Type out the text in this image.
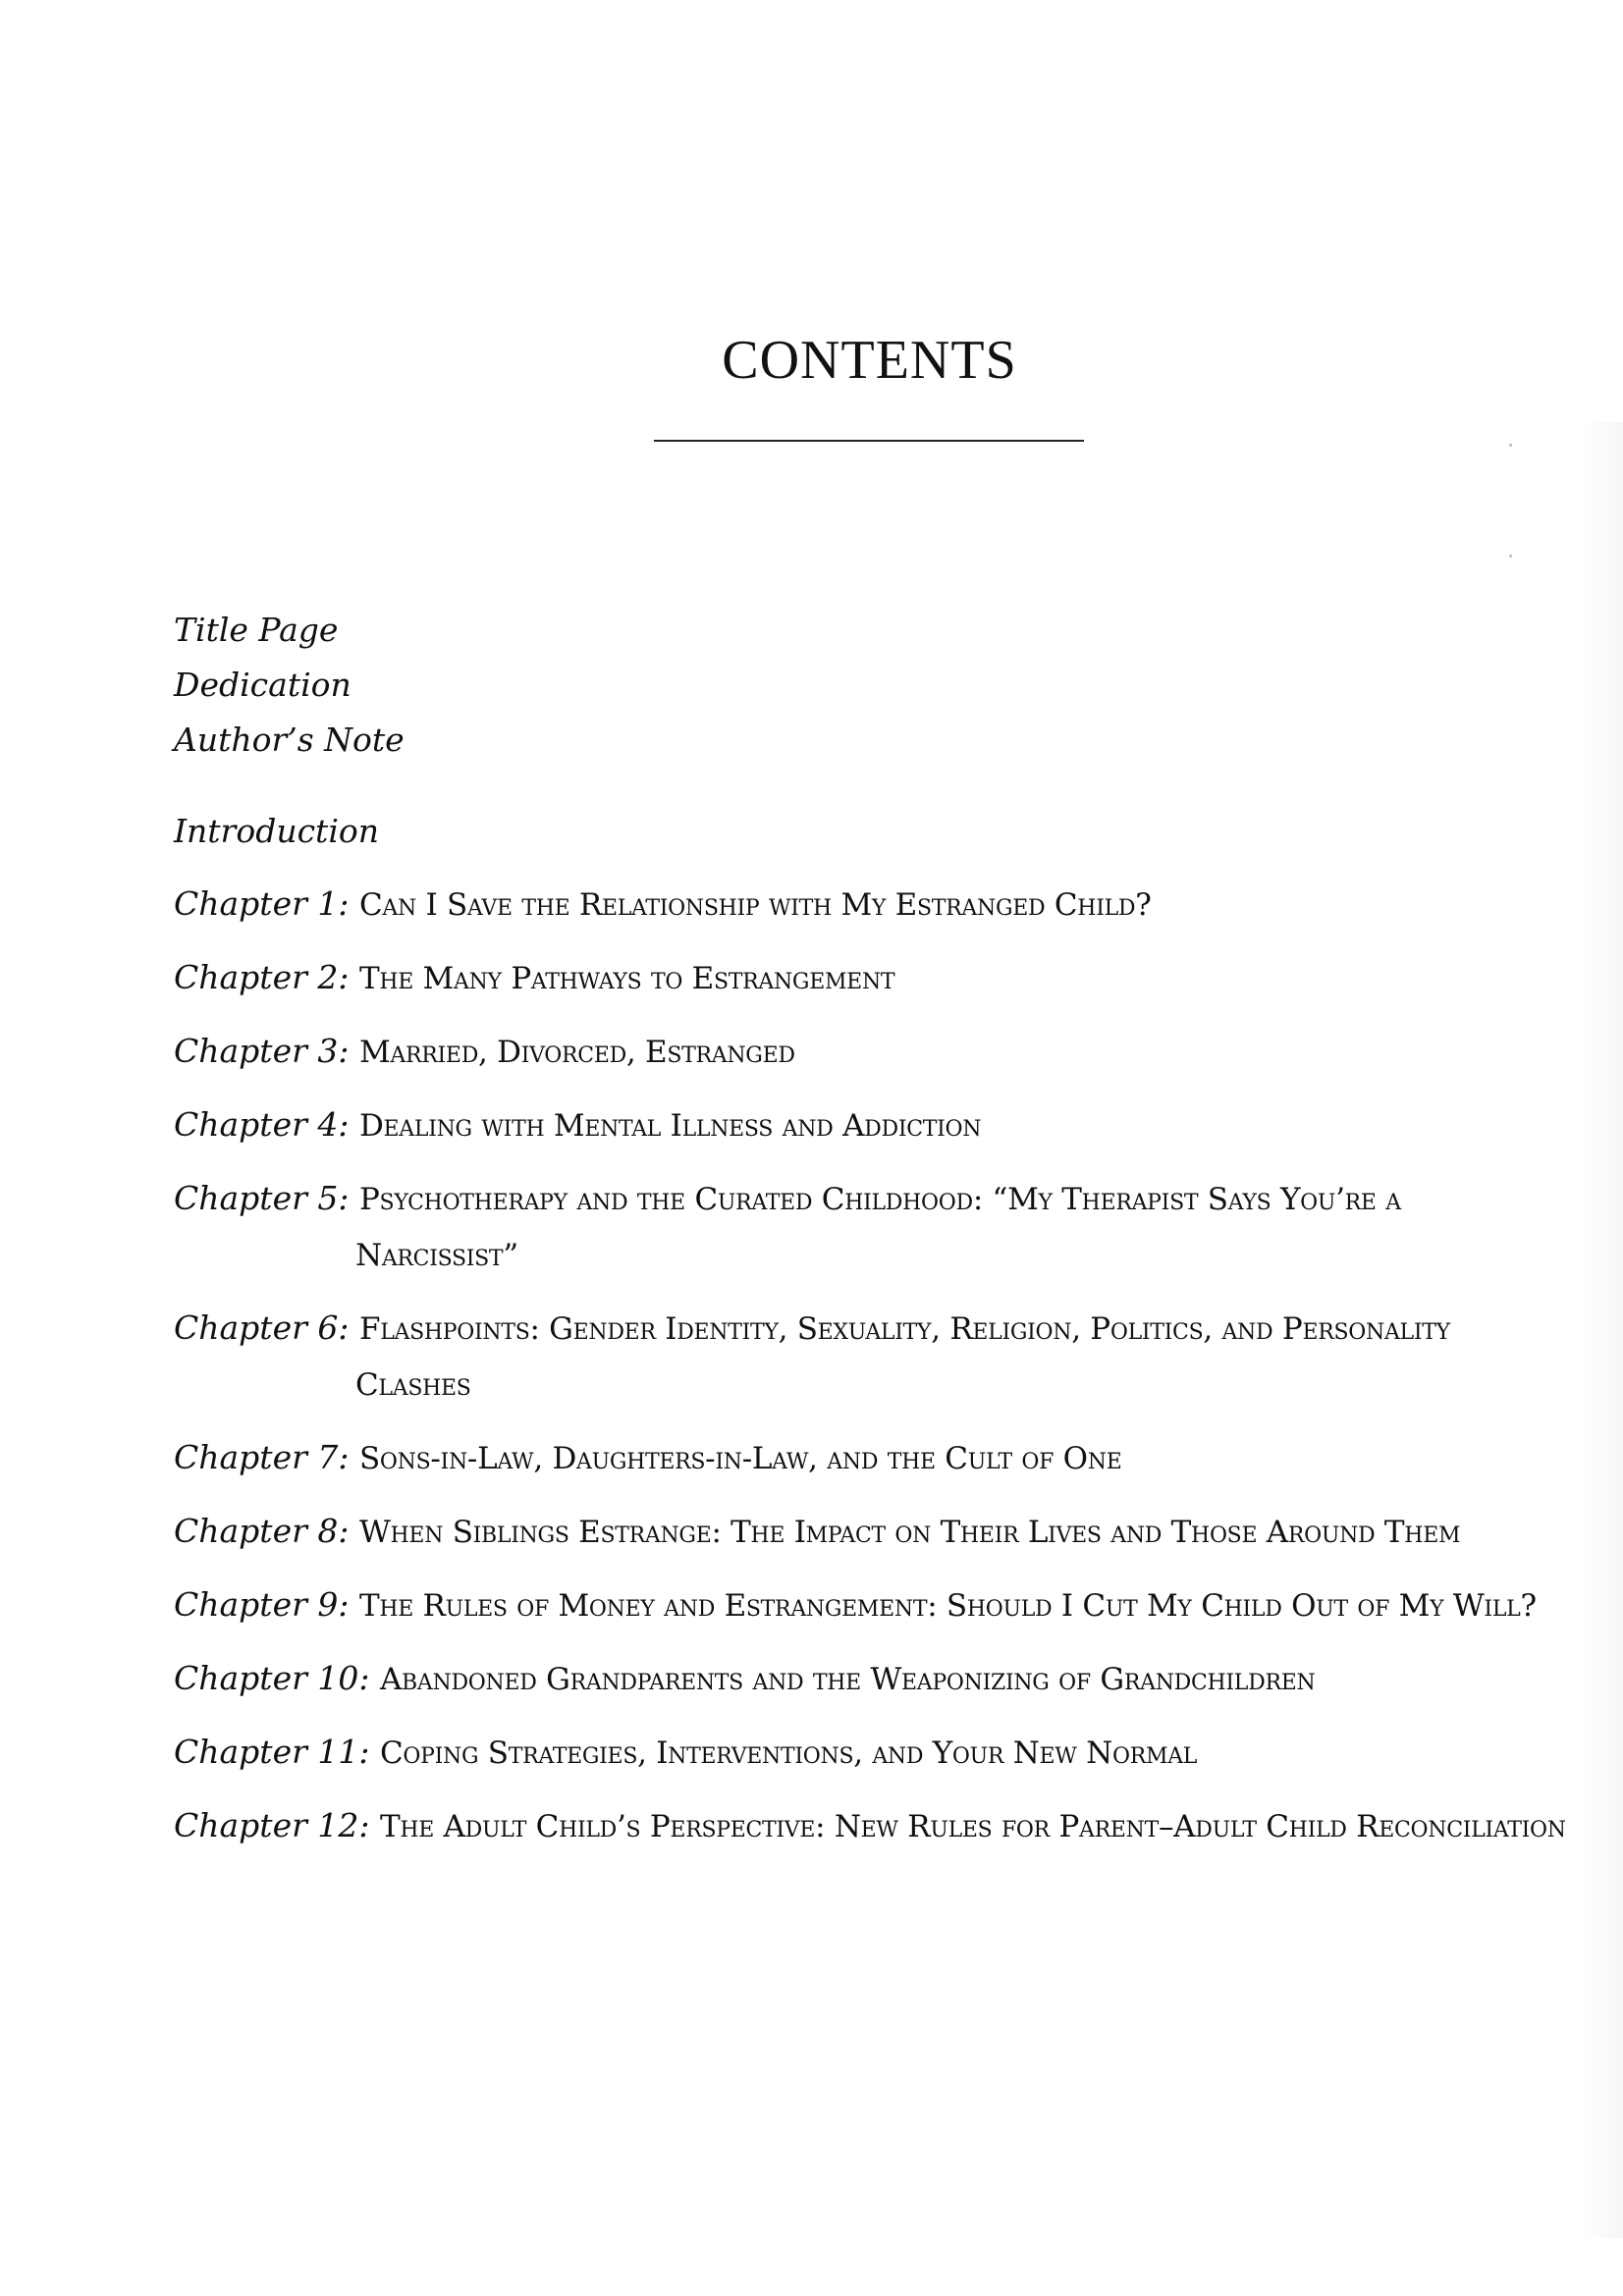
CONTENTS
Title Page
Dedication
Author’s Note
Introduction
Chapter 1: Can I Save the Relationship with My Estranged Child?
Chapter 2: The Many Pathways to Estrangement
Chapter 3: Married, Divorced, Estranged
Chapter 4: Dealing with Mental Illness and Addiction
Chapter 5: Psychotherapy and the Curated Childhood: “My Therapist Says You’re a Narcissist”
Chapter 6: Flashpoints: Gender Identity, Sexuality, Religion, Politics, and Personality Clashes
Chapter 7: Sons-in-Law, Daughters-in-Law, and the Cult of One
Chapter 8: When Siblings Estrange: The Impact on Their Lives and Those Around Them
Chapter 9: The Rules of Money and Estrangement: Should I Cut My Child Out of My Will?
Chapter 10: Abandoned Grandparents and the Weaponizing of Grandchildren
Chapter 11: Coping Strategies, Interventions, and Your New Normal
Chapter 12: The Adult Child’s Perspective: New Rules for Parent–Adult Child Reconciliation
